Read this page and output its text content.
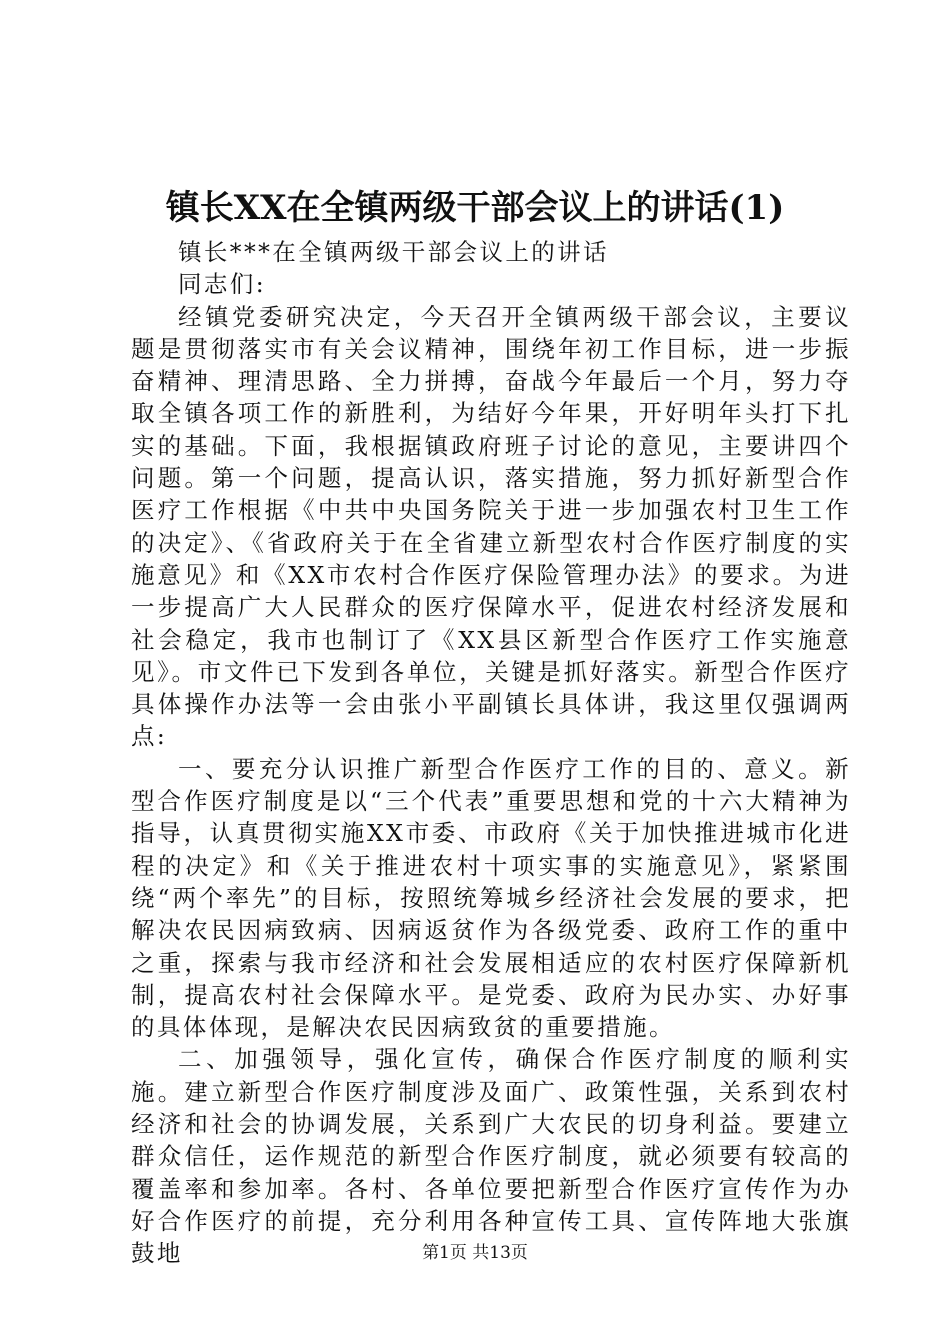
镇长XX在全镇两级干部会议上的讲话(1)

镇长***在全镇两级干部会议上的讲话

同志们:

经镇党委研究决定，今天召开全镇两级干部会议，主要议题是贯彻落实市有关会议精神，围绕年初工作目标，进一步振奋精神、理清思路、全力拼搏，奋战今年最后一个月，努力夺取全镇各项工作的新胜利，为结好今年果，开好明年头打下扎实的基础。下面，我根据镇政府班子讨论的意见，主要讲四个问题。第一个问题，提高认识，落实措施，努力抓好新型合作医疗工作根据《中共中央国务院关于进一步加强农村卫生工作的决定》、《省政府关于在全省建立新型农村合作医疗制度的实施意见》和《XX市农村合作医疗保险管理办法》的要求。为进一步提高广大人民群众的医疗保障水平，促进农村经济发展和社会稳定，我市也制订了《XX县区新型合作医疗工作实施意见》。市文件已下发到各单位，关键是抓好落实。新型合作医疗具体操作办法等一会由张小平副镇长具体讲，我这里仅强调两点:

一、要充分认识推广新型合作医疗工作的目的、意义。新型合作医疗制度是以“三个代表”重要思想和党的十六大精神为指导，认真贯彻实施XX市委、市政府《关于加快推进城市化进程的决定》和《关于推进农村十项实事的实施意见》，紧紧围绕“两个率先”的目标，按照统筹城乡经济社会发展的要求，把解决农民因病致病、因病返贫作为各级党委、政府工作的重中之重，探索与我市经济和社会发展相适应的农村医疗保障新机制，提高农村社会保障水平。是党委、政府为民办实、办好事的具体体现，是解决农民因病致贫的重要措施。

二、加强领导，强化宣传，确保合作医疗制度的顺利实施。建立新型合作医疗制度涉及面广、政策性强，关系到农村经济和社会的协调发展，关系到广大农民的切身利益。要建立群众信任，运作规范的新型合作医疗制度，就必须要有较高的覆盖率和参加率。各村、各单位要把新型合作医疗宣传作为办好合作医疗的前提，充分利用各种宣传工具、宣传阵地大张旗鼓地	第1页 共13页
